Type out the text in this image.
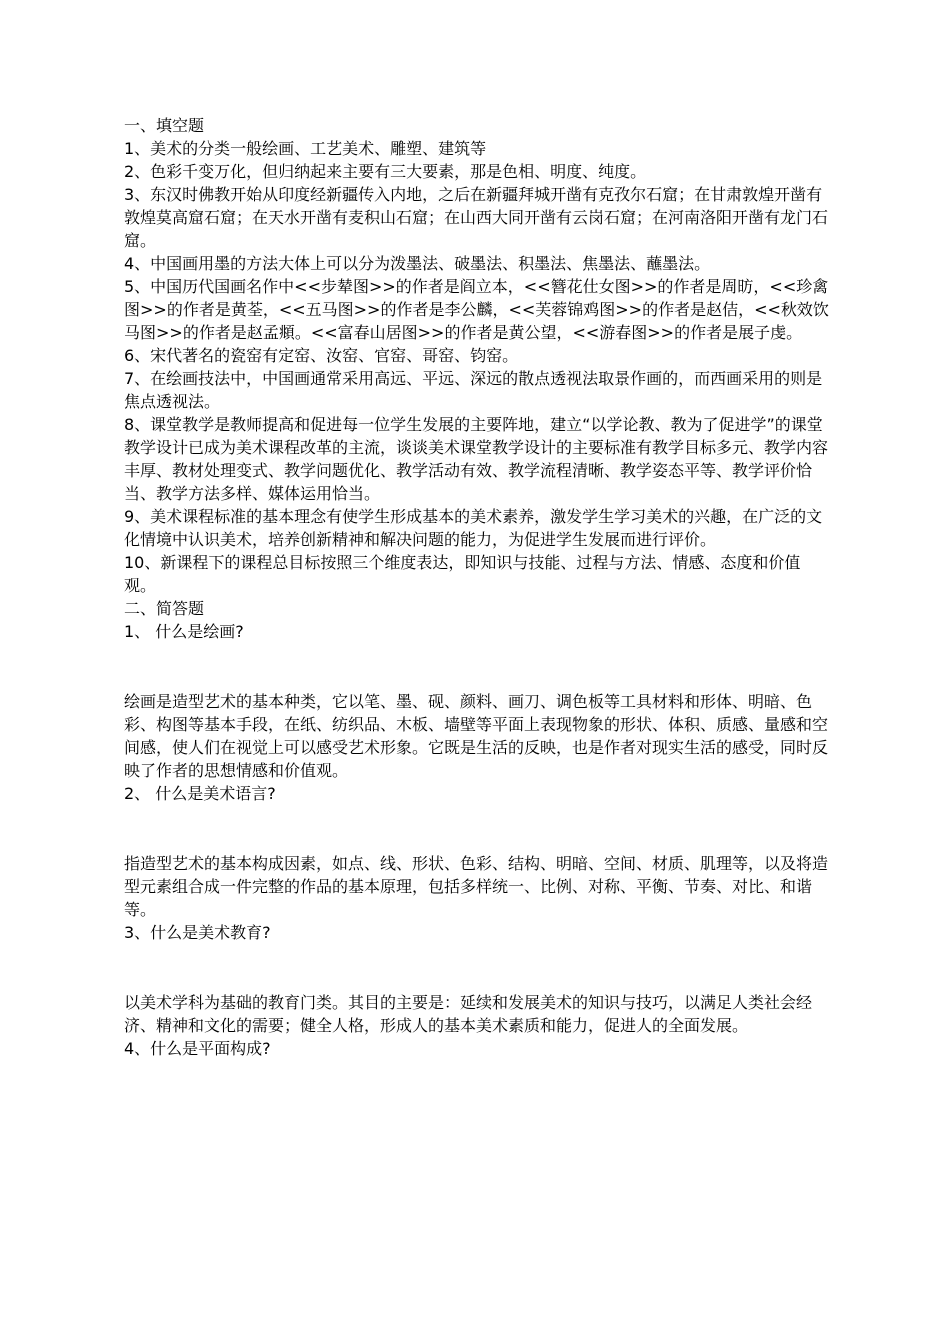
一、填空题

1、美术的分类一般绘画、工艺美术、雕塑、建筑等

2、色彩千变万化，但归纳起来主要有三大要素，那是色相、明度、纯度。

3、东汉时佛教开始从印度经新疆传入内地，之后在新疆拜城开凿有克孜尔石窟；在甘肃敦煌开凿有敦煌莫高窟石窟；在天水开凿有麦积山石窟；在山西大同开凿有云岗石窟；在河南洛阳开凿有龙门石窟。

4、中国画用墨的方法大体上可以分为泼墨法、破墨法、积墨法、焦墨法、蘸墨法。

5、中国历代国画名作中<<步辇图>>的作者是阎立本，<<簪花仕女图>>的作者是周昉，<<珍禽图>>的作者是黄荃，<<五马图>>的作者是李公麟，<<芙蓉锦鸡图>>的作者是赵佶，<<秋效饮马图>>的作者是赵孟頫。<<富春山居图>>的作者是黄公望，<<游春图>>的作者是展子虔。

6、宋代著名的瓷窑有定窑、汝窑、官窑、哥窑、钧窑。

7、在绘画技法中，中国画通常采用高远、平远、深远的散点透视法取景作画的，而西画采用的则是焦点透视法。

8、课堂教学是教师提高和促进每一位学生发展的主要阵地，建立“以学论教、教为了促进学”的课堂教学设计已成为美术课程改革的主流，谈谈美术课堂教学设计的主要标准有教学目标多元、教学内容丰厚、教材处理变式、教学问题优化、教学活动有效、教学流程清晰、教学姿态平等、教学评价恰当、教学方法多样、媒体运用恰当。

9、美术课程标准的基本理念有使学生形成基本的美术素养，激发学生学习美术的兴趣，在广泛的文化情境中认识美术，培养创新精神和解决问题的能力，为促进学生发展而进行评价。

10、新课程下的课程总目标按照三个维度表达，即知识与技能、过程与方法、情感、态度和价值观。

二、简答题

1、 什么是绘画?

绘画是造型艺术的基本种类，它以笔、墨、砚、颜料、画刀、调色板等工具材料和形体、明暗、色彩、构图等基本手段，在纸、纺织品、木板、墙壁等平面上表现物象的形状、体积、质感、量感和空间感，使人们在视觉上可以感受艺术形象。它既是生活的反映，也是作者对现实生活的感受，同时反映了作者的思想情感和价值观。

2、 什么是美术语言?

指造型艺术的基本构成因素，如点、线、形状、色彩、结构、明暗、空间、材质、肌理等，以及将造型元素组合成一件完整的作品的基本原理，包括多样统一、比例、对称、平衡、节奏、对比、和谐等。

3、什么是美术教育?

以美术学科为基础的教育门类。其目的主要是：延续和发展美术的知识与技巧，以满足人类社会经济、精神和文化的需要；健全人格，形成人的基本美术素质和能力，促进人的全面发展。

4、什么是平面构成?
